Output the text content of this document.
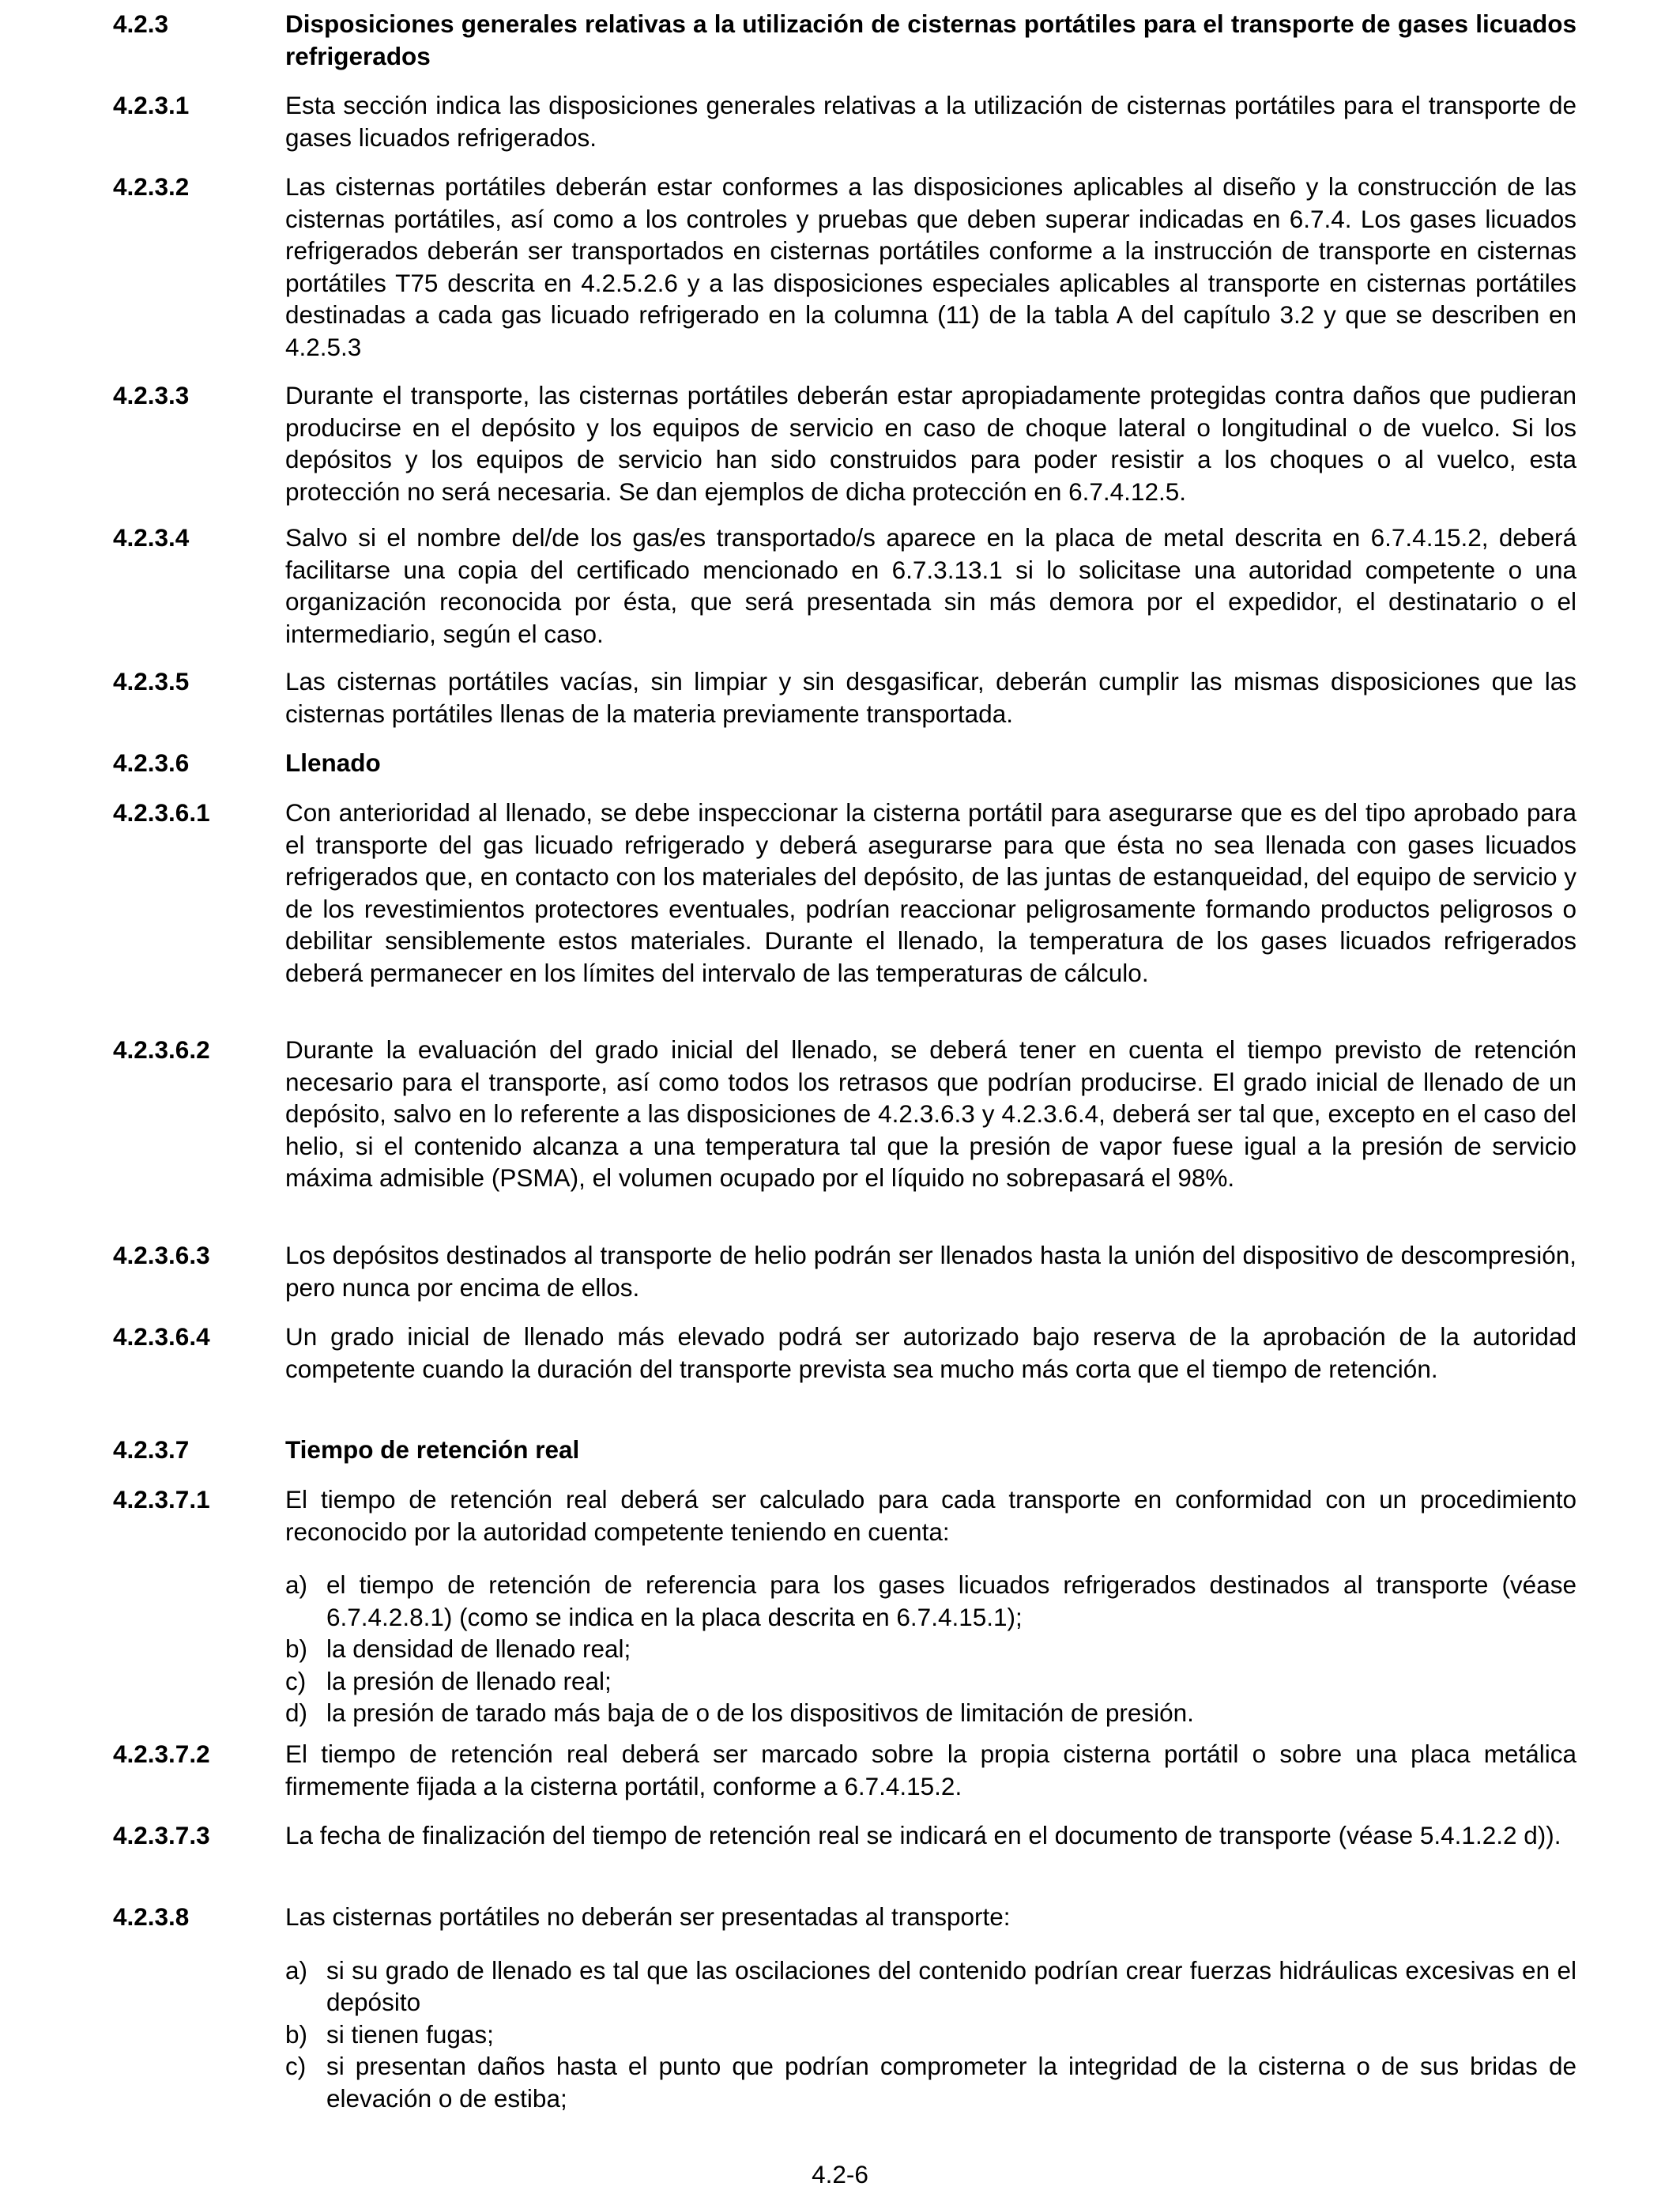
4.2.3	Disposiciones generales relativas a la utilización de cisternas portátiles para el transporte de gases licuados refrigerados
4.2.3.1	Esta sección indica las disposiciones generales relativas a la utilización de cisternas portátiles para el transporte de gases licuados refrigerados.
4.2.3.2	Las cisternas portátiles deberán estar conformes a las disposiciones aplicables al diseño y la construcción de las cisternas portátiles, así como a los controles y pruebas que deben superar indicadas en 6.7.4. Los gases licuados refrigerados deberán ser transportados en cisternas portátiles conforme a la instrucción de transporte en cisternas portátiles T75 descrita en 4.2.5.2.6 y a las disposiciones especiales aplicables al transporte en cisternas portátiles destinadas a cada gas licuado refrigerado en la columna (11) de la tabla A del capítulo 3.2 y que se describen en 4.2.5.3
4.2.3.3	Durante el transporte, las cisternas portátiles deberán estar apropiadamente protegidas contra daños que pudieran producirse en el depósito y los equipos de servicio en caso de choque lateral o longitudinal o de vuelco. Si los depósitos y los equipos de servicio han sido construidos para poder resistir a los choques o al vuelco, esta protección no será necesaria. Se dan ejemplos de dicha protección en 6.7.4.12.5.
4.2.3.4	Salvo si el nombre del/de los gas/es transportado/s aparece en la placa de metal descrita en 6.7.4.15.2, deberá facilitarse una copia del certificado mencionado en 6.7.3.13.1 si lo solicitase una autoridad competente o una organización reconocida por ésta, que será presentada sin más demora por el expedidor, el destinatario o el intermediario, según el caso.
4.2.3.5	Las cisternas portátiles vacías, sin limpiar y sin desgasificar, deberán cumplir las mismas disposiciones que las cisternas portátiles llenas de la materia previamente transportada.
4.2.3.6	Llenado
4.2.3.6.1	Con anterioridad al llenado, se debe inspeccionar la cisterna portátil para asegurarse que es del tipo aprobado para el transporte del gas licuado refrigerado y deberá asegurarse para que ésta no sea llenada con gases licuados refrigerados que, en contacto con los materiales del depósito, de las juntas de estanqueidad, del equipo de servicio y de los revestimientos protectores eventuales, podrían reaccionar peligrosamente formando productos peligrosos o debilitar sensiblemente estos materiales. Durante el llenado, la temperatura de los gases licuados refrigerados deberá permanecer en los límites del intervalo de las temperaturas de cálculo.
4.2.3.6.2	Durante la evaluación del grado inicial del llenado, se deberá tener en cuenta el tiempo previsto de retención necesario para el transporte, así como todos los retrasos que podrían producirse. El grado inicial de llenado de un depósito, salvo en lo referente a las disposiciones de 4.2.3.6.3 y 4.2.3.6.4, deberá ser tal que, excepto en el caso del helio, si el contenido alcanza a una temperatura tal que la presión de vapor fuese igual a la presión de servicio máxima admisible (PSMA), el volumen ocupado por el líquido no sobrepasará el 98%.
4.2.3.6.3	Los depósitos destinados al transporte de helio podrán ser llenados hasta la unión del dispositivo de descompresión, pero nunca por encima de ellos.
4.2.3.6.4	Un grado inicial de llenado más elevado podrá ser autorizado bajo reserva de la aprobación de la autoridad competente cuando la duración del transporte prevista sea mucho más corta que el tiempo de retención.
4.2.3.7	Tiempo de retención real
4.2.3.7.1	El tiempo de retención real deberá ser calculado para cada transporte en conformidad con un procedimiento reconocido por la autoridad competente teniendo en cuenta:
a) el tiempo de retención de referencia para los gases licuados refrigerados destinados al transporte (véase 6.7.4.2.8.1) (como se indica en la placa descrita en 6.7.4.15.1);
b) la densidad de llenado real;
c) la presión de llenado real;
d) la presión de tarado más baja de o de los dispositivos de limitación de presión.
4.2.3.7.2	El tiempo de retención real deberá ser marcado sobre la propia cisterna portátil o sobre una placa metálica firmemente fijada a la cisterna portátil, conforme a 6.7.4.15.2.
4.2.3.7.3	La fecha de finalización del tiempo de retención real se indicará en el documento de transporte (véase 5.4.1.2.2 d)).
4.2.3.8	Las cisternas portátiles no deberán ser presentadas al transporte:
a) si su grado de llenado es tal que las oscilaciones del contenido podrían crear fuerzas hidráulicas excesivas en el depósito
b) si tienen fugas;
c) si presentan daños hasta el punto que podrían comprometer la integridad de la cisterna o de sus bridas de elevación o de estiba;
4.2-6
